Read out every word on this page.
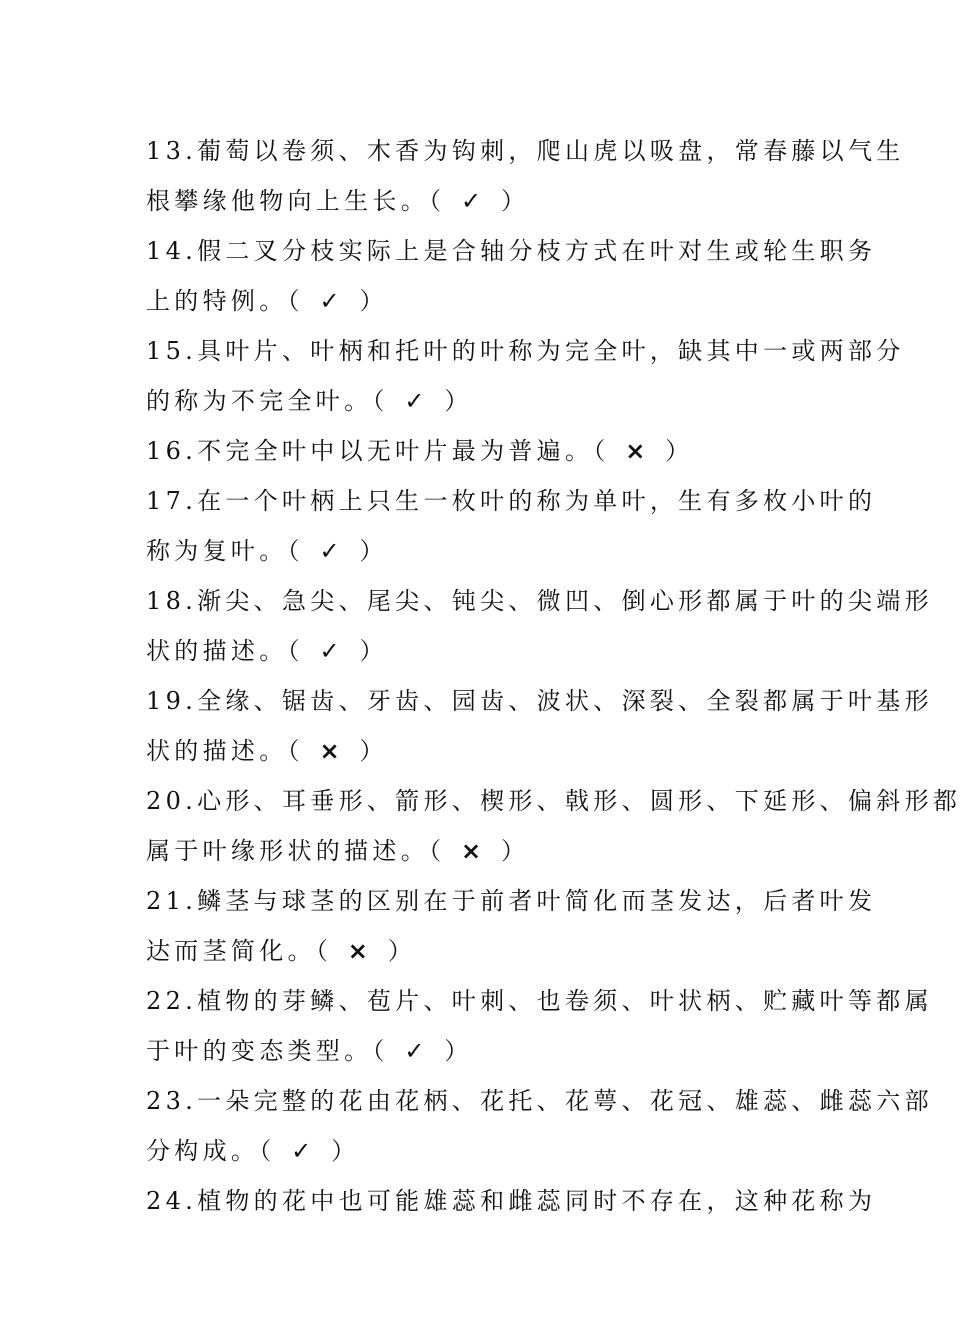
13.葡萄以卷须、木香为钩刺，爬山虎以吸盘，常春藤以气生
根攀缘他物向上生长。（ ✓ ）
14.假二叉分枝实际上是合轴分枝方式在叶对生或轮生职务
上的特例。（ ✓ ）
15.具叶片、叶柄和托叶的叶称为完全叶，缺其中一或两部分
的称为不完全叶。（ ✓ ）
16.不完全叶中以无叶片最为普遍。（ × ）
17.在一个叶柄上只生一枚叶的称为单叶，生有多枚小叶的
称为复叶。（ ✓ ）
18.渐尖、急尖、尾尖、钝尖、微凹、倒心形都属于叶的尖端形
状的描述。（ ✓ ）
19.全缘、锯齿、牙齿、园齿、波状、深裂、全裂都属于叶基形
状的描述。（ × ）
20.心形、耳垂形、箭形、楔形、戟形、圆形、下延形、偏斜形都
属于叶缘形状的描述。（ × ）
21.鳞茎与球茎的区别在于前者叶简化而茎发达，后者叶发
达而茎简化。（ × ）
22.植物的芽鳞、苞片、叶刺、也卷须、叶状柄、贮藏叶等都属
于叶的变态类型。（ ✓ ）
23.一朵完整的花由花柄、花托、花萼、花冠、雄蕊、雌蕊六部
分构成。（ ✓ ）
24.植物的花中也可能雄蕊和雌蕊同时不存在，这种花称为
